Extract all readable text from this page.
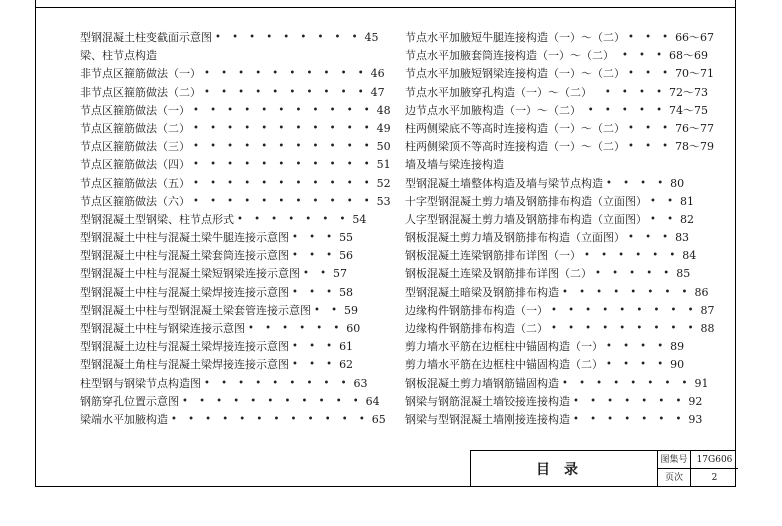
型钢混凝土柱变截面示意图 • • • • • • • • • 45
梁、柱节点构造
非节点区箍筋做法（一） • • • • • • • • • • 46
非节点区箍筋做法（二） • • • • • • • • • • 47
节点区箍筋做法（一） • • • • • • • • • • • 48
节点区箍筋做法（二） • • • • • • • • • • • 49
节点区箍筋做法（三） • • • • • • • • • • • 50
节点区箍筋做法（四） • • • • • • • • • • • 51
节点区箍筋做法（五） • • • • • • • • • • • 52
节点区箍筋做法（六） • • • • • • • • • • • 53
型钢混凝土型钢梁、柱节点形式 • • • • • • • 54
型钢混凝土中柱与混凝土梁牛腿连接示意图 • • • 55
型钢混凝土中柱与混凝土梁套筒连接示意图 • • • 56
型钢混凝土中柱与混凝土梁短钢梁连接示意图 • • 57
型钢混凝土中柱与混凝土梁焊接连接示意图 • • • 58
型钢混凝土中柱与型钢混凝土梁套管连接示意图 • • 59
型钢混凝土中柱与钢梁连接示意图 • • • • • • 60
型钢混凝土边柱与混凝土梁焊接连接示意图 • • • 61
型钢混凝土角柱与混凝土梁焊接连接示意图 • • • 62
柱型钢与钢梁节点构造图 • • • • • • • • • 63
钢筋穿孔位置示意图 • • • • • • • • • • • 64
梁端水平加腋构造 • • • • • • • • • • • • 65
节点水平加腋短牛腿连接构造（一）～（二） • • • 66～67
节点水平加腋套筒连接构造（一）～（二） • • • 68～69
节点水平加腋短钢梁连接构造（一）～（二） • • • 70～71
节点水平加腋穿孔构造（一）～（二）	• • • • 72～73
边节点水平加腋构造（一）～（二） • • • • • 74～75
柱两侧梁底不等高时连接构造（一）～（二） • • • 76～77
柱两侧梁顶不等高时连接构造（一）～（二） • • • 78～79
墙及墙与梁连接构造
型钢混凝土墙整体构造及墙与梁节点构造 • • • • 80
十字型钢混凝土剪力墙及钢筋排布构造（立面图） • • 81
人字型钢混凝土剪力墙及钢筋排布构造（立面图） • • 82
钢板混凝土剪力墙及钢筋排布构造（立面图） • • • 83
钢板混凝土连梁钢筋排布详图（一） • • • • • • 84
钢板混凝土连梁及钢筋排布详图（二） • • • • • 85
型钢混凝土暗梁及钢筋排布构造 • • • • • • • • 86
边缘构件钢筋排布构造（一） • • • • • • • • • 87
边缘构件钢筋排布构造（二） • • • • • • • • • 88
剪力墙水平筋在边框柱中锚固构造（一） • • • • 89
剪力墙水平筋在边框柱中锚固构造（二） • • • • 90
钢板混凝土剪力墙钢筋锚固构造 • • • • • • • • 91
钢梁与钢筋混凝土墙铰接连接构造 • • • • • • • 92
钢梁与型钢混凝土墙刚接连接构造 • • • • • • • 93
目录
图集号	17G606
页次	2
